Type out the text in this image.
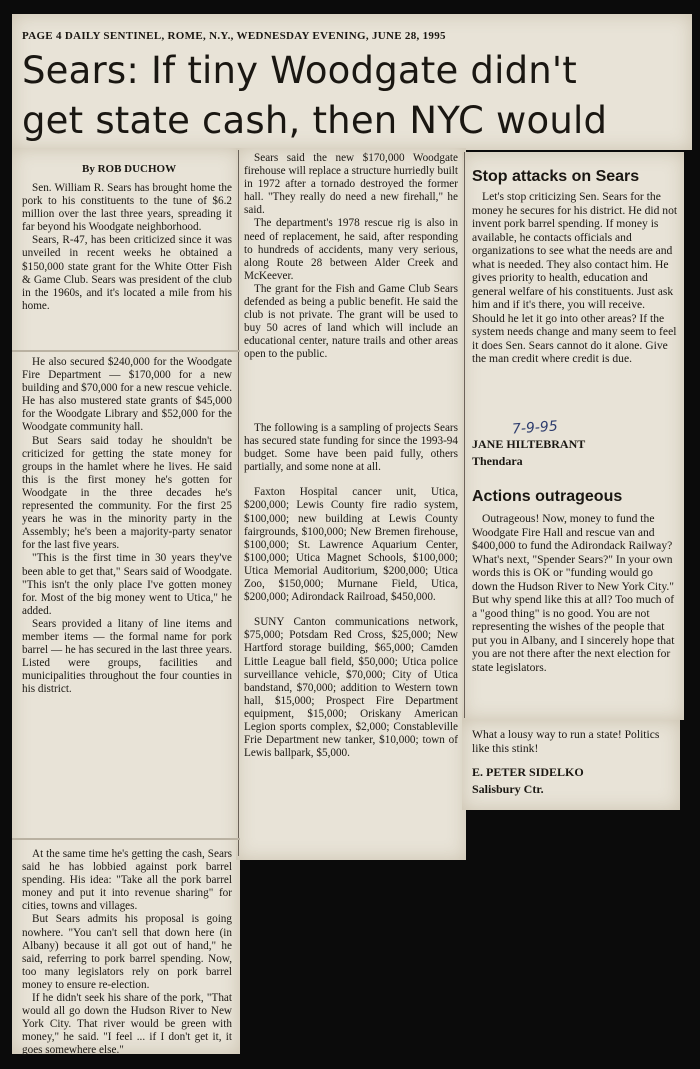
PAGE 4 DAILY SENTINEL, ROME, N.Y., WEDNESDAY EVENING, JUNE 28, 1995
Sears: If tiny Woodgate didn't
get state cash, then NYC would
By ROB DUCHOW

Sen. William R. Sears has brought home the pork to his constituents to the tune of $6.2 million over the last three years, spreading it far beyond his Woodgate neighborhood.

Sears, R-47, has been criticized since it was unveiled in recent weeks he obtained a $150,000 state grant for the White Otter Fish & Game Club. Sears was president of the club in the 1960s, and it's located a mile from his home.

He also secured $240,000 for the Woodgate Fire Department — $170,000 for a new building and $70,000 for a new rescue vehicle. He has also mustered state grants of $45,000 for the Woodgate Library and $52,000 for the Woodgate community hall.

But Sears said today he shouldn't be criticized for getting the state money for groups in the hamlet where he lives. He said this is the first money he's gotten for Woodgate in the three decades he's represented the community. For the first 25 years he was in the minority party in the Assembly; he's been a majority-party senator for the last five years.

"This is the first time in 30 years they've been able to get that," Sears said of Woodgate. "This isn't the only place I've gotten money for. Most of the big money went to Utica," he added.

Sears provided a litany of line items and member items — the formal name for pork barrel — he has secured in the last three years. Listed were groups, facilities and municipalities throughout the four counties in his district.

At the same time he's getting the cash, Sears said he has lobbied against pork barrel spending. His idea: "Take all the pork barrel money and put it into revenue sharing" for cities, towns and villages.

But Sears admits his proposal is going nowhere. "You can't sell that down here (in Albany) because it all got out of hand," he said, referring to pork barrel spending. Now, too many legislators rely on pork barrel money to ensure re-election.

If he didn't seek his share of the pork, "That would all go down the Hudson River to New York City. That river would be green with money," he said. "I feel ... if I don't get it, it goes somewhere else."

Sears said the new $170,000 Woodgate firehouse will replace a structure hurriedly built in 1972 after a tornado destroyed the former hall. "They really do need a new firehall," he said.

The department's 1978 rescue rig is also in need of replacement, he said, after responding to hundreds of accidents, many very serious, along Route 28 between Alder Creek and McKeever.

The grant for the Fish and Game Club Sears defended as being a public benefit. He said the club is not private. The grant will be used to buy 50 acres of land which will include an educational center, nature trails and other areas open to the public.

The following is a sampling of projects Sears has secured state funding for since the 1993-94 budget. Some have been paid fully, others partially, and some none at all.

Faxton Hospital cancer unit, Utica, $200,000; Lewis County fire radio system, $100,000; new building at Lewis County fairgrounds, $100,000; New Bremen firehouse, $100,000; St. Lawrence Aquarium Center, $100,000; Utica Magnet Schools, $100,000; Utica Memorial Auditorium, $200,000; Utica Zoo, $150,000; Murnane Field, Utica, $200,000; Adirondack Railroad, $450,000.

SUNY Canton communications network, $75,000; Potsdam Red Cross, $25,000; New Hartford storage building, $65,000; Camden Little League ball field, $50,000; Utica police surveillance vehicle, $70,000; City of Utica bandstand, $70,000; addition to Western town hall, $15,000; Prospect Fire Department equipment, $15,000; Oriskany American Legion sports complex, $2,000; Constableville Frie Department new tanker, $10,000; town of Lewis ballpark, $5,000.

Stop attacks on Sears

Let's stop criticizing Sen. Sears for the money he secures for his district. He did not invent pork barrel spending. If money is available, he contacts officials and organizations to see what the needs are and what is needed. They also contact him. He gives priority to health, education and general welfare of his constituents. Just ask him and if it's there, you will receive. Should he let it go into other areas? If the system needs change and many seem to feel it does Sen. Sears cannot do it alone. Give the man credit where credit is due.

7-9-95
JANE HILTEBRANT
Thendara
Actions outrageous

Outrageous! Now, money to fund the Woodgate Fire Hall and rescue van and $400,000 to fund the Adirondack Railway? What's next, "Spender Sears?" In your own words this is OK or "funding would go down the Hudson River to New York City." But why spend like this at all? Too much of a "good thing" is no good. You are not representing the wishes of the people that put you in Albany, and I sincerely hope that you are not there after the next election for state legislators.

What a lousy way to run a state! Politics like this stink!
E. PETER SIDELKO
Salisbury Ctr.
